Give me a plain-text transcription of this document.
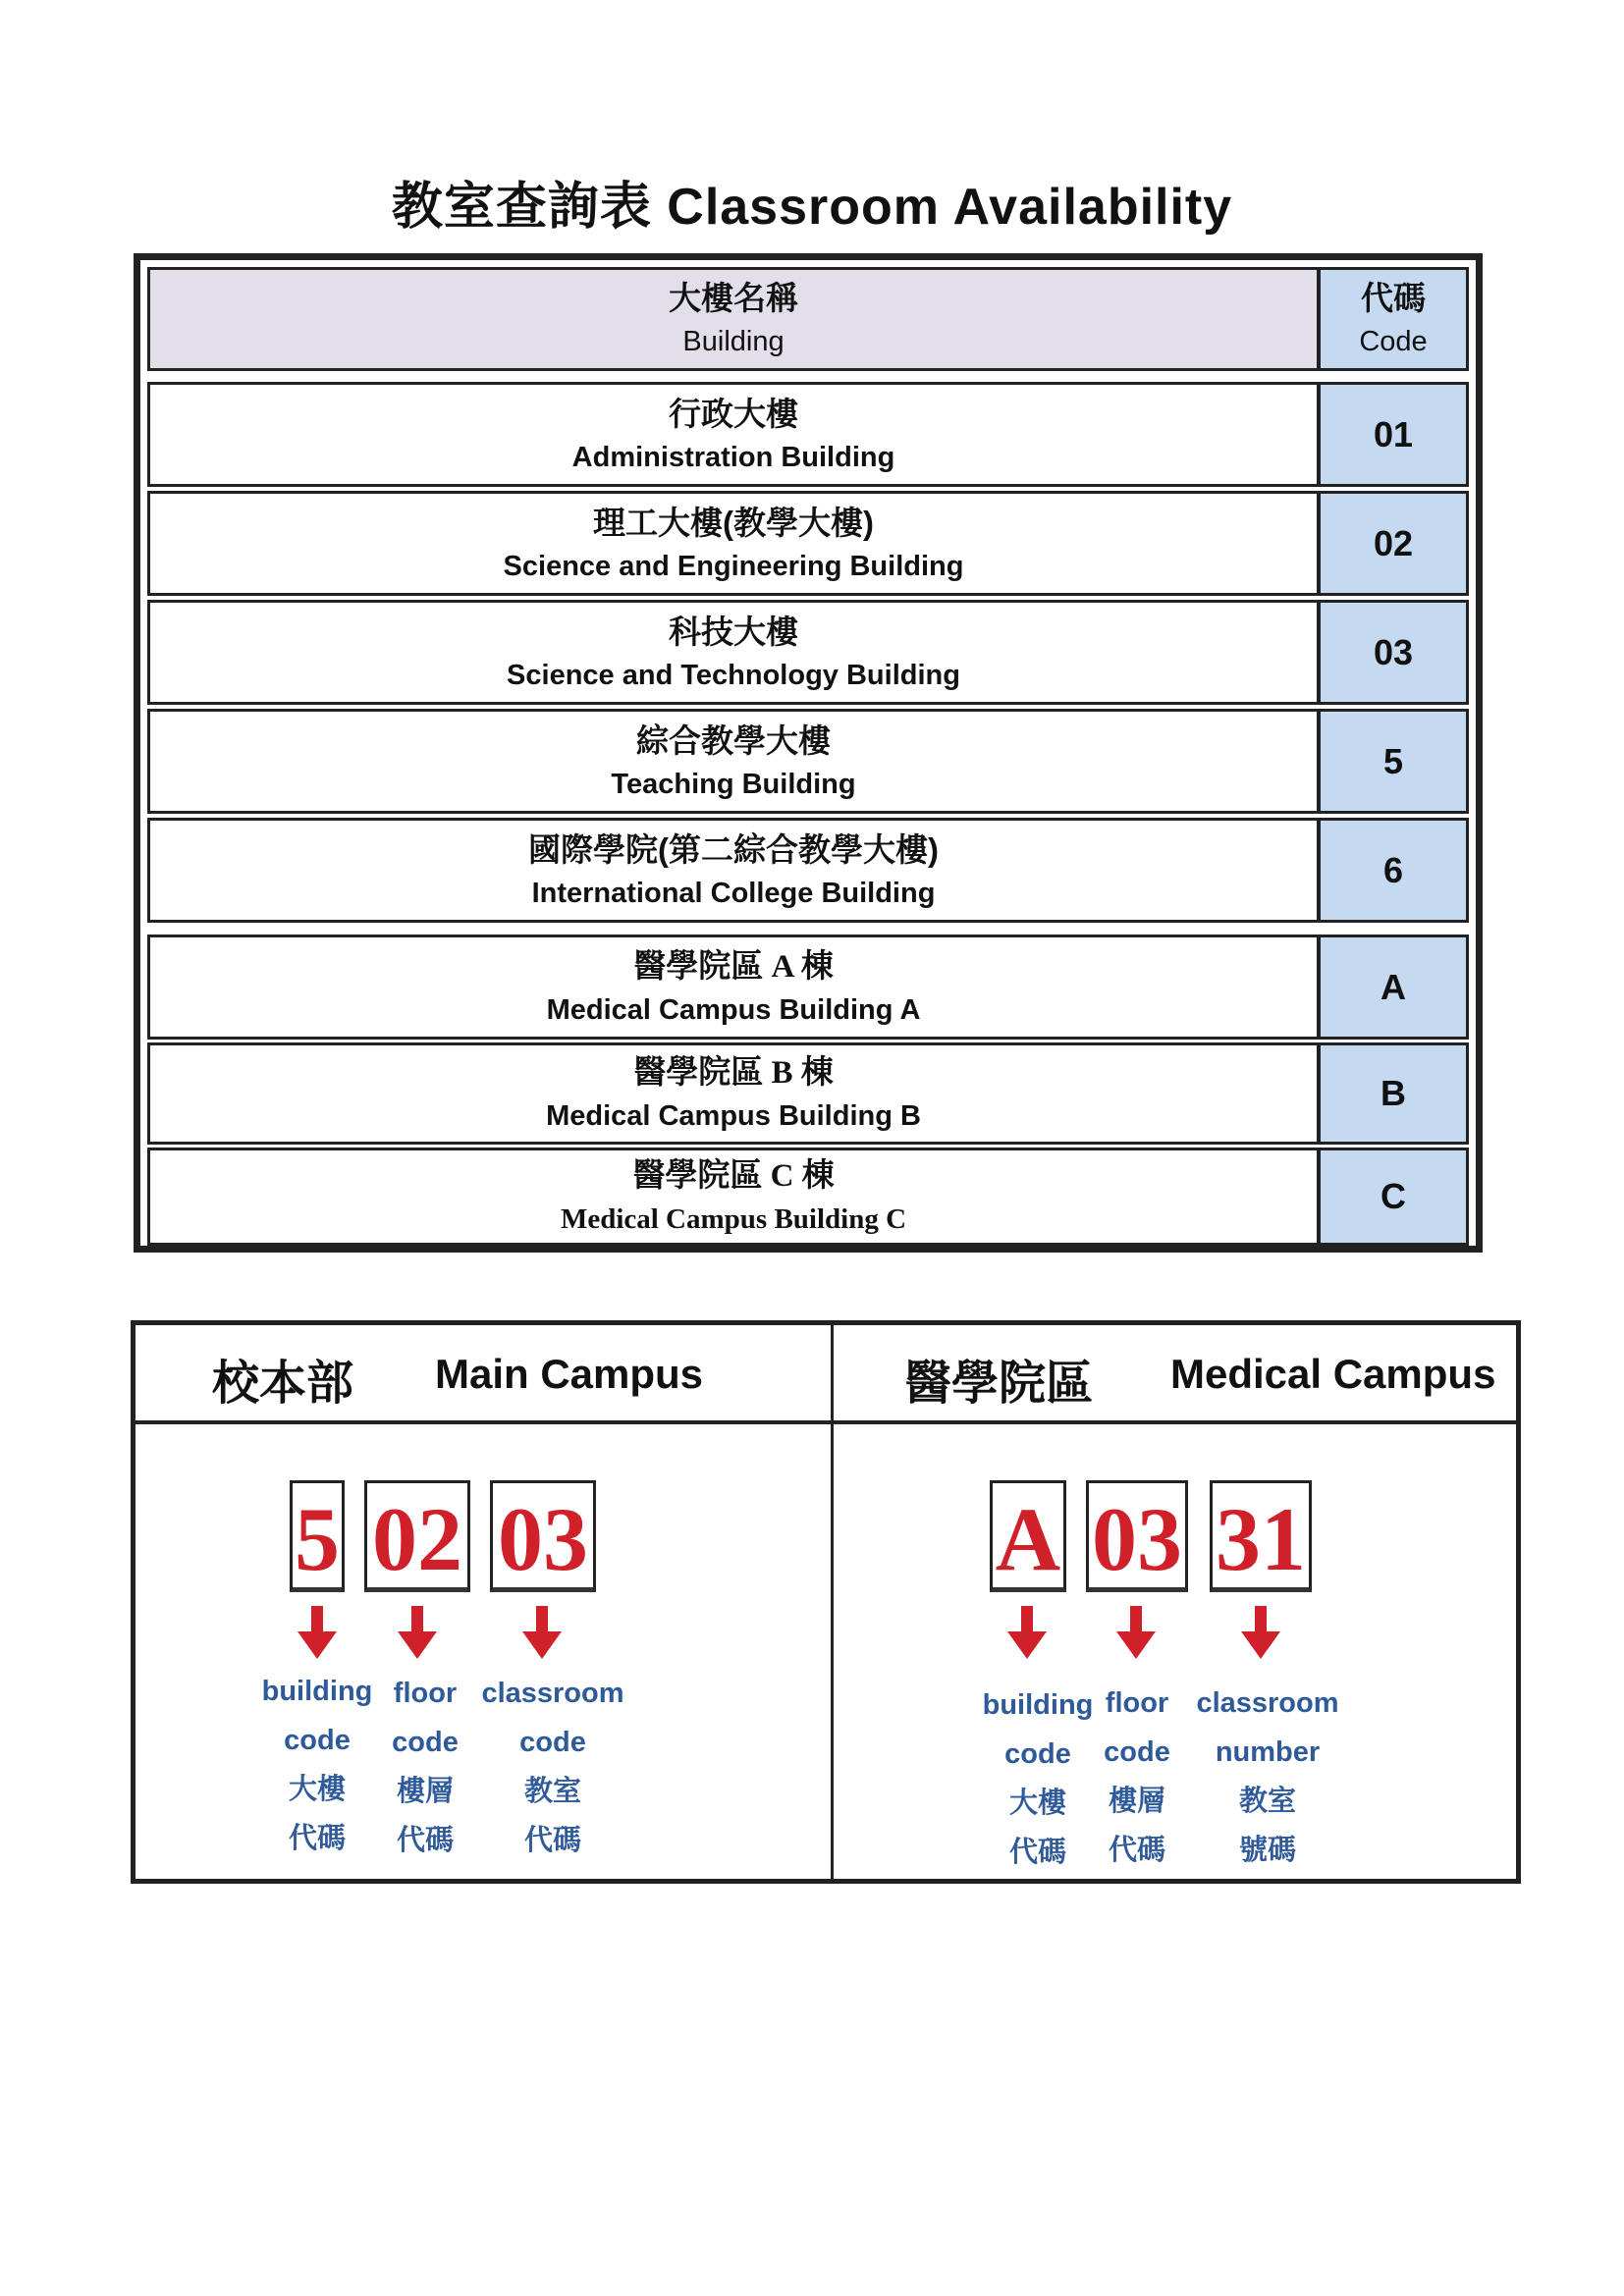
教室查詢表 Classroom Availability
大樓名稱
Building
代碼
Code
行政大樓
Administration Building
01
理工大樓(教學大樓)
Science and Engineering Building
02
科技大樓
Science and Technology Building
03
綜合教學大樓
Teaching Building
5
國際學院(第二綜合教學大樓)
International College Building
6
醫學院區 A 棟
Medical Campus Building A
A
醫學院區 B 棟
Medical Campus Building B
B
醫學院區 C 棟
Medical Campus Building C
C
校本部 Main Campus
5 02 03
building
code
大樓
代碼
floor
code
樓層
代碼
classroom
code
教室
代碼
醫學院區 Medical Campus
A 03 31
building
code
大樓
代碼
floor
code
樓層
代碼
classroom
number
教室
號碼
